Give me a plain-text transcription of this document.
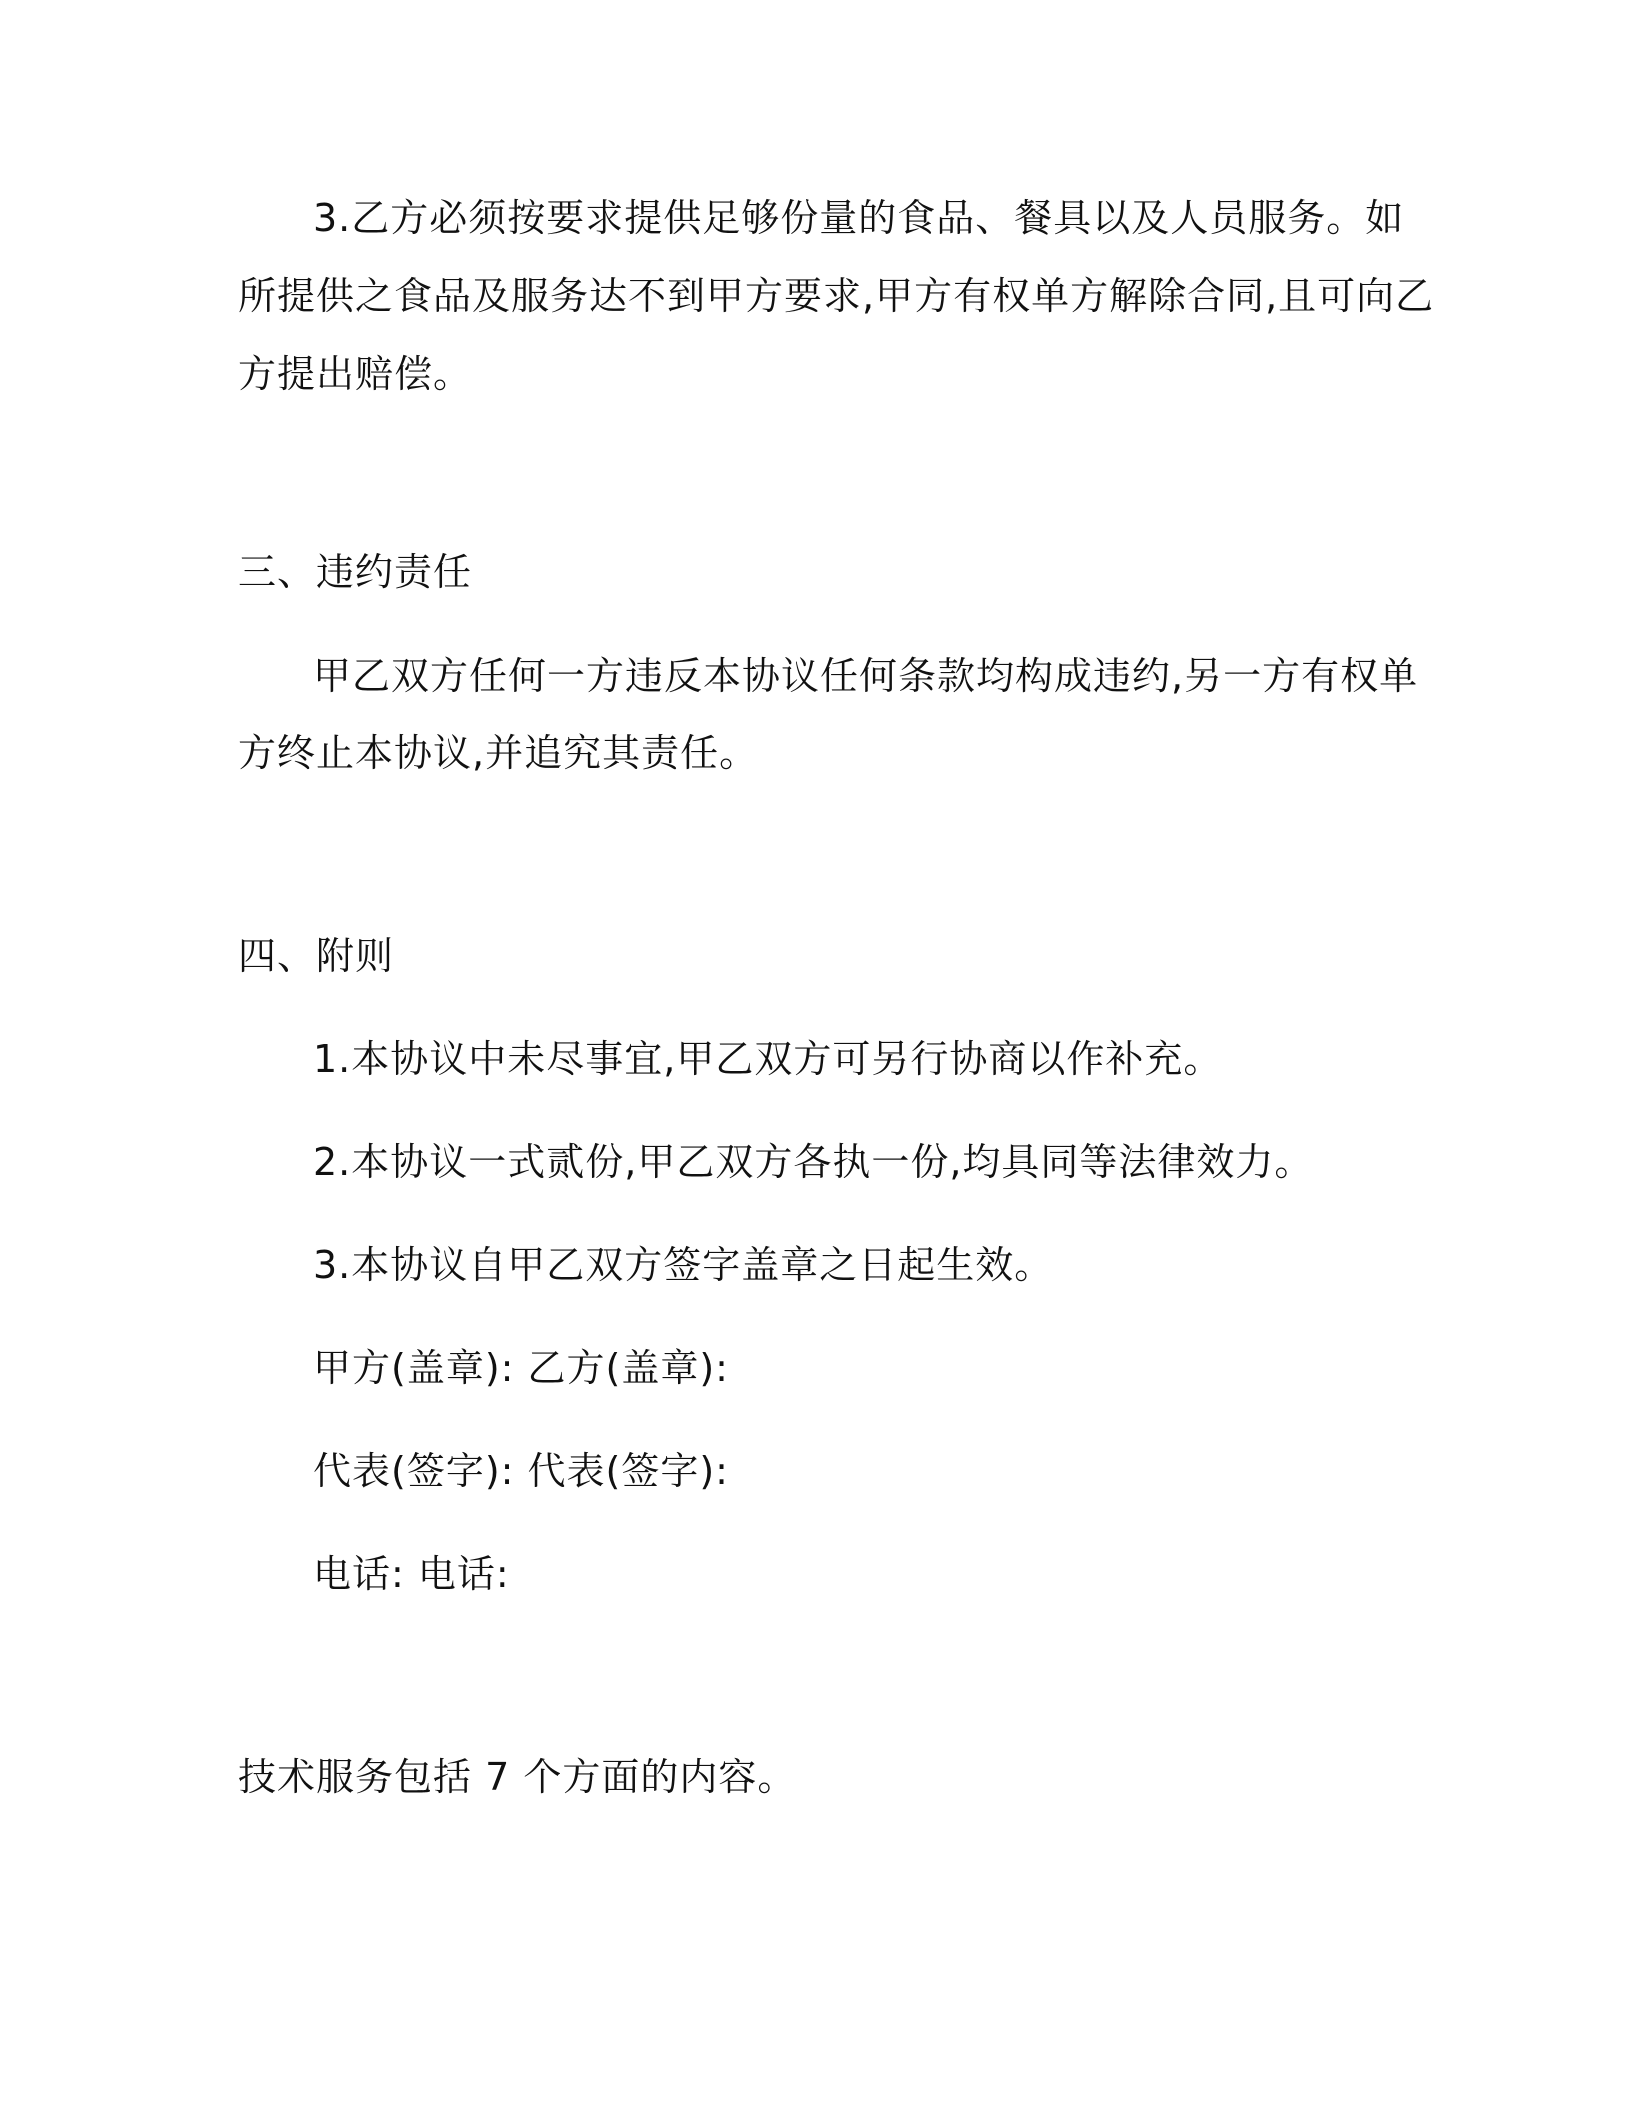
3.乙方必须按要求提供足够份量的食品、餐具以及人员服务。如
所提供之食品及服务达不到甲方要求,甲方有权单方解除合同,且可向乙
方提出赔偿。
三、违约责任
甲乙双方任何一方违反本协议任何条款均构成违约,另一方有权单
方终止本协议,并追究其责任。
四、附则
1.本协议中未尽事宜,甲乙双方可另行协商以作补充。
2.本协议一式贰份,甲乙双方各执一份,均具同等法律效力。
3.本协议自甲乙双方签字盖章之日起生效。
甲方(盖章): 乙方(盖章):
代表(签字): 代表(签字):
电话: 电话:
技术服务包括 7 个方面的内容。
